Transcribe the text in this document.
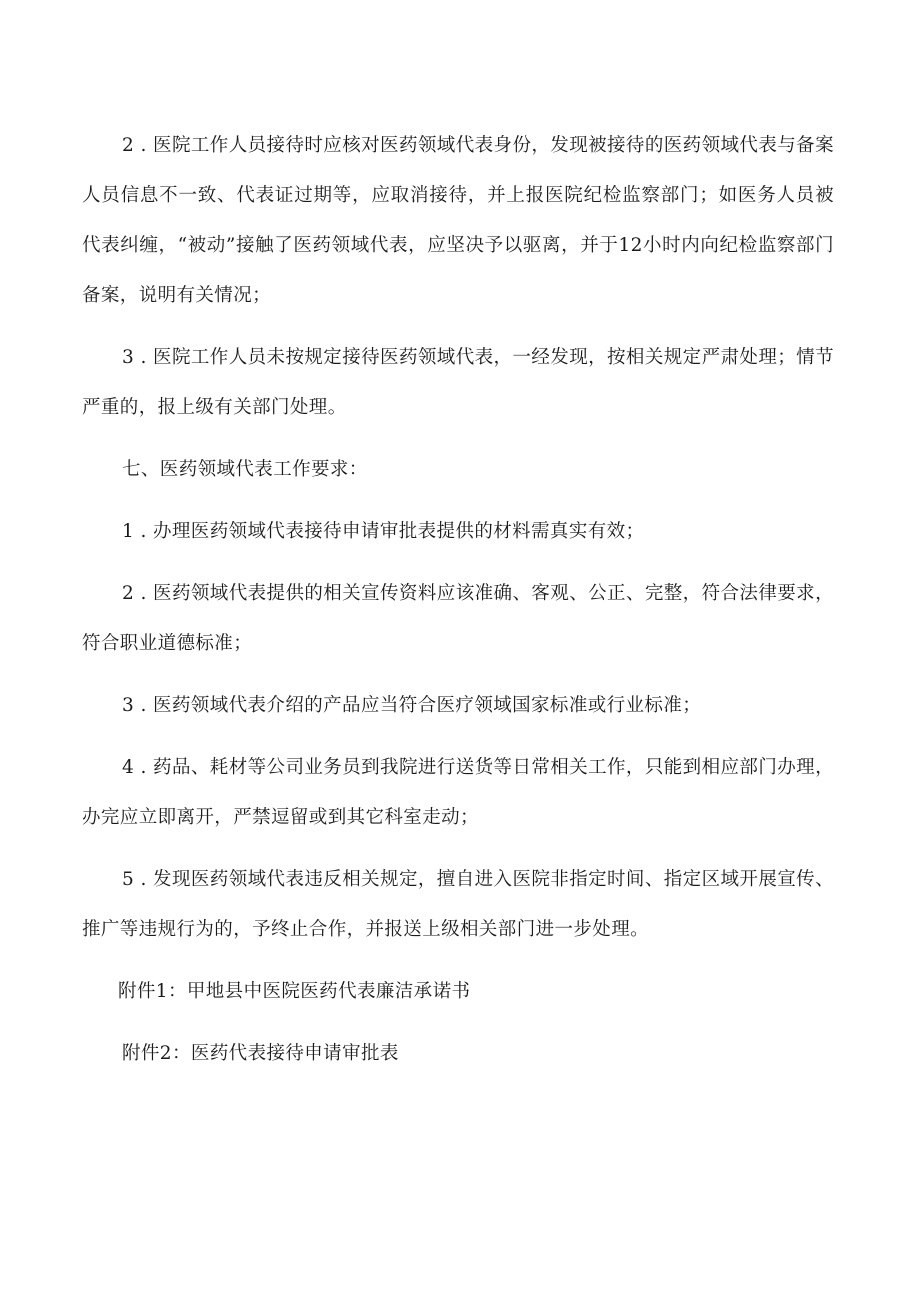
2 . 医院工作人员接待时应核对医药领域代表身份，发现被接待的医药领域代表与备案人员信息不一致、代表证过期等，应取消接待，并上报医院纪检监察部门；如医务人员被代表纠缠，“被动”接触了医药领域代表，应坚决予以驱离，并于12小时内向纪检监察部门备案，说明有关情况；

3 . 医院工作人员未按规定接待医药领域代表，一经发现，按相关规定严肃处理；情节严重的，报上级有关部门处理。

七、医药领域代表工作要求：

1 . 办理医药领域代表接待申请审批表提供的材料需真实有效；

2 . 医药领域代表提供的相关宣传资料应该准确、客观、公正、完整，符合法律要求，符合职业道德标准；

3 . 医药领域代表介绍的产品应当符合医疗领域国家标准或行业标准；

4 . 药品、耗材等公司业务员到我院进行送货等日常相关工作，只能到相应部门办理，办完应立即离开，严禁逗留或到其它科室走动；

5 . 发现医药领域代表违反相关规定，擅自进入医院非指定时间、指定区域开展宣传、推广等违规行为的，予终止合作，并报送上级相关部门进一步处理。

附件1：甲地县中医院医药代表廉洁承诺书

附件2：医药代表接待申请审批表
